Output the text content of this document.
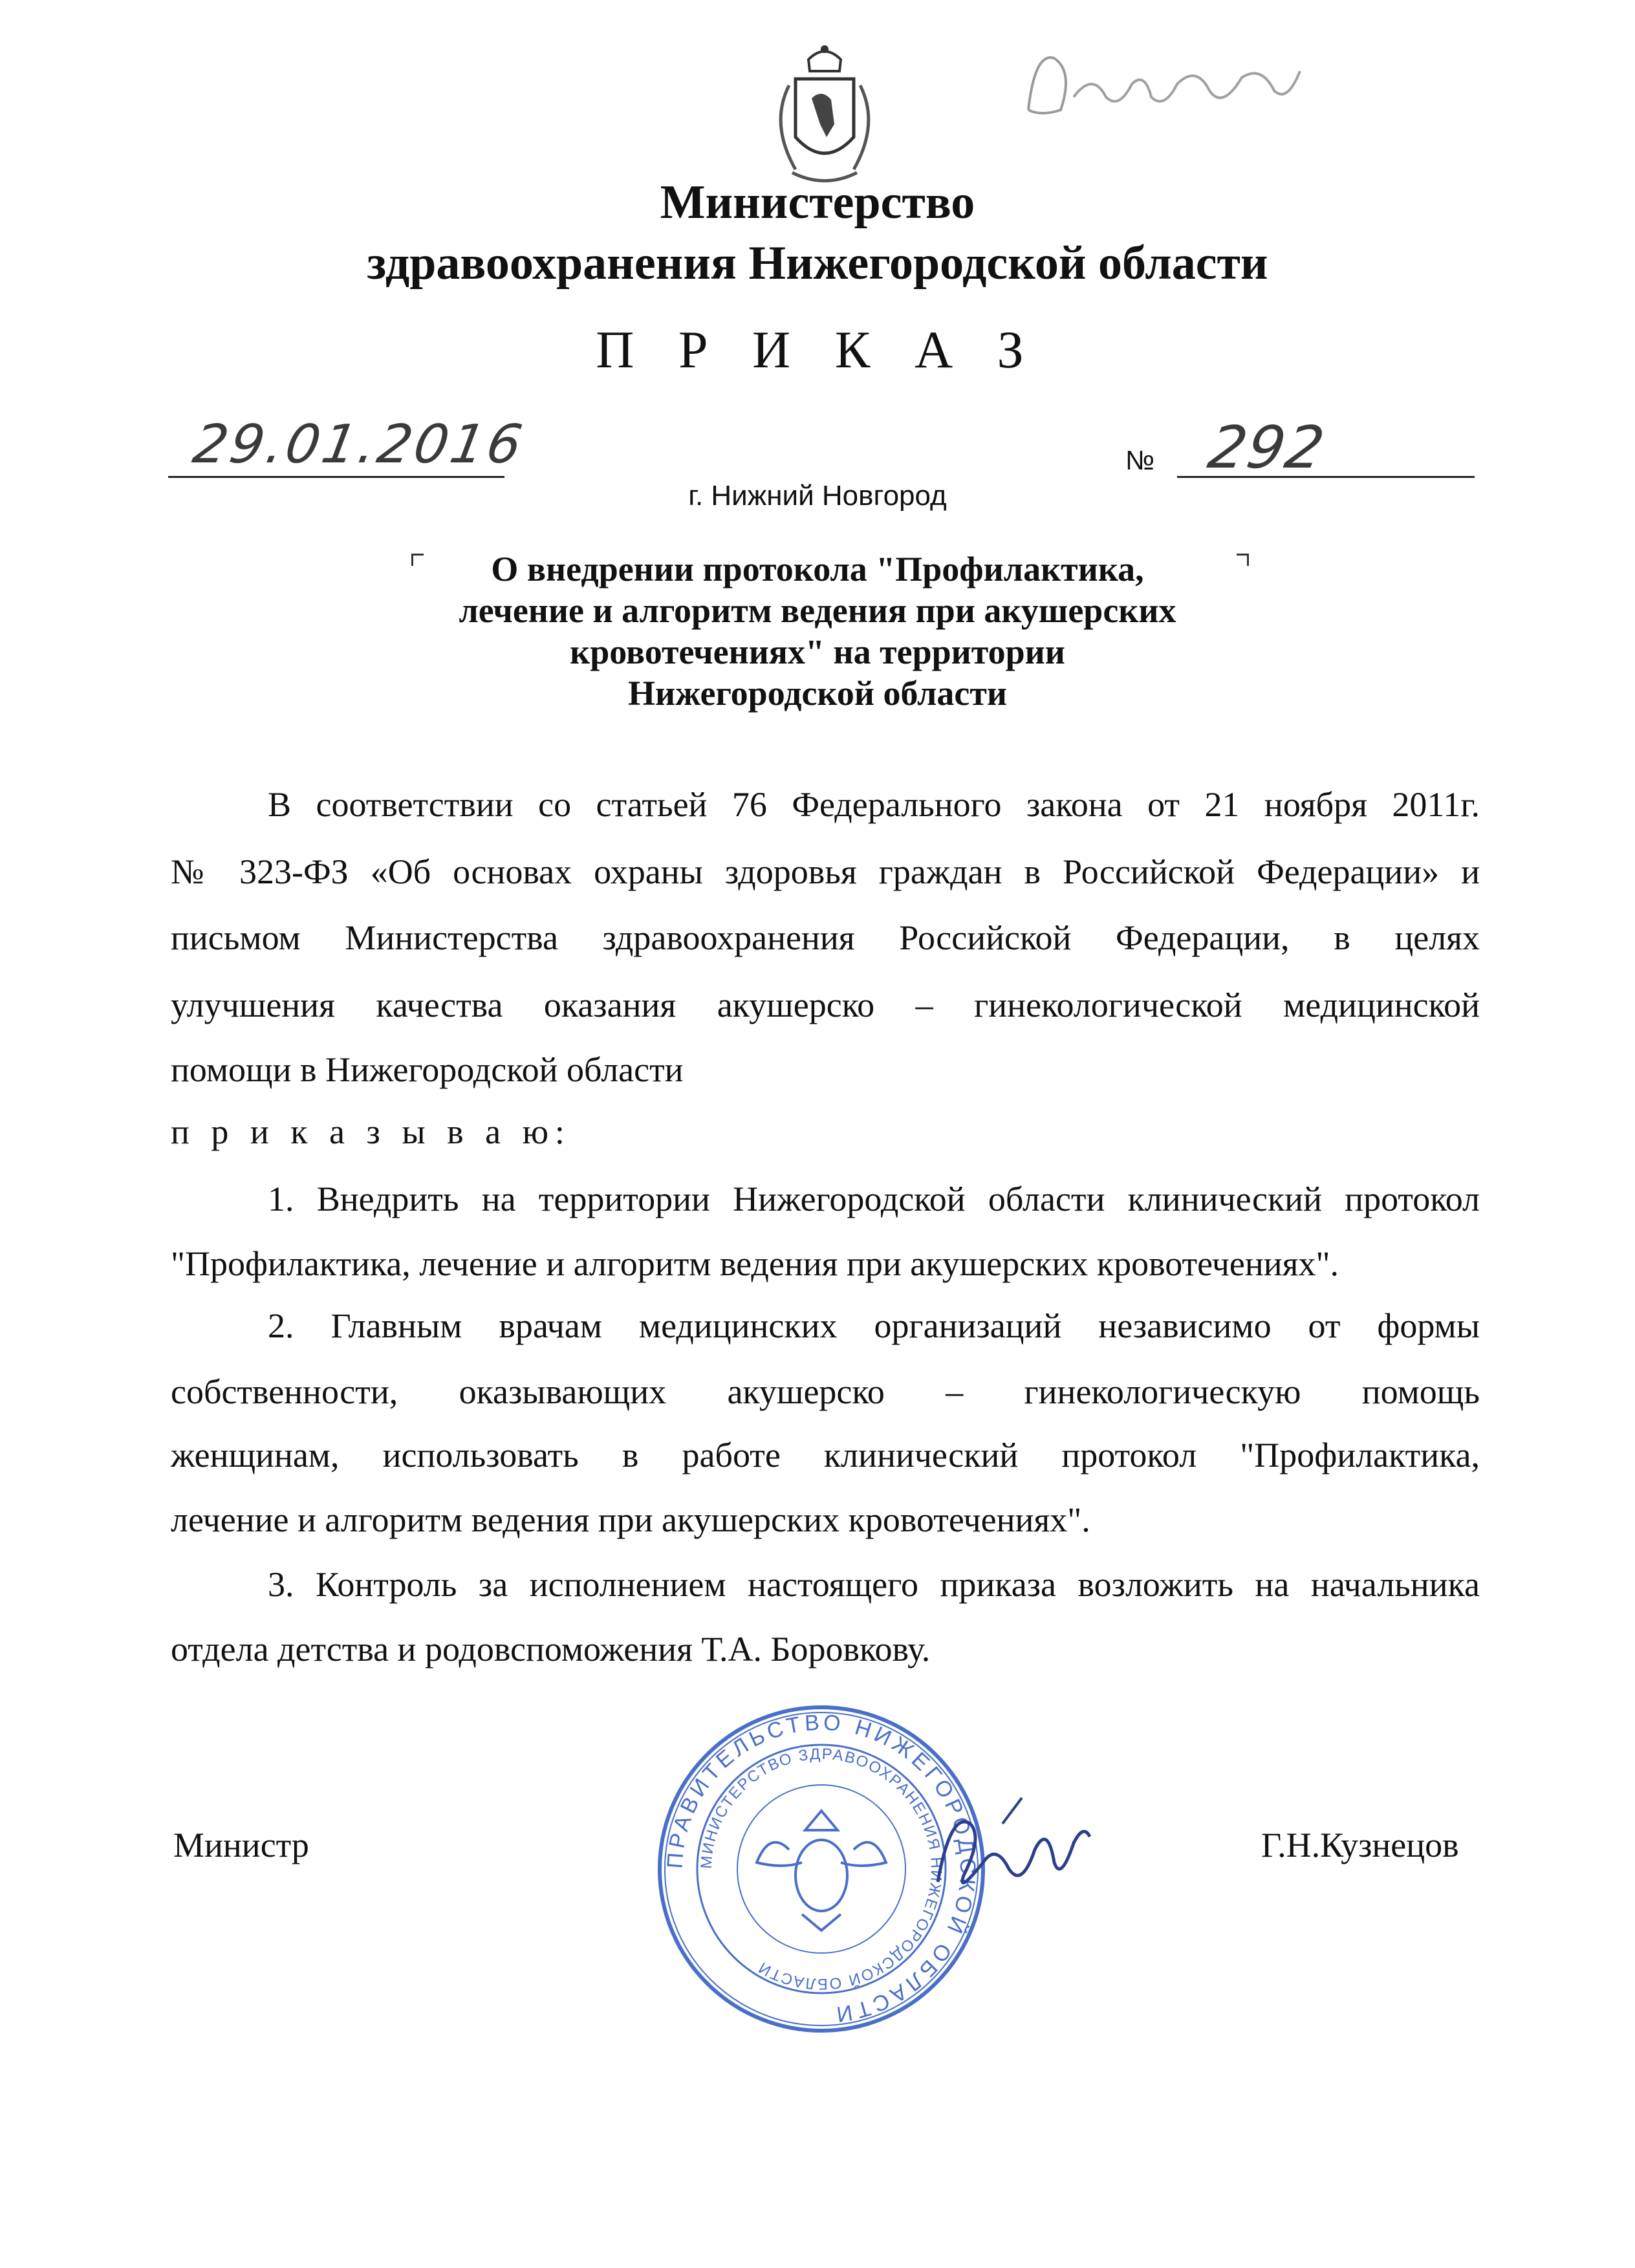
Министерство
здравоохранения Нижегородской области
П Р И К А З
29.01.2016	№ 292
г. Нижний Новгород
О внедрении протокола "Профилактика,
лечение и алгоритм ведения при акушерских
кровотечениях" на территории
Нижегородской области
В соответствии со статьей 76 Федерального закона от 21 ноября 2011г.
№ 323-ФЗ «Об основах охраны здоровья граждан в Российской Федерации» и
письмом Министерства здравоохранения Российской Федерации, в целях
улучшения качества оказания акушерско – гинекологической медицинской
помощи в Нижегородской области
п р и к а з ы в а ю:
1. Внедрить на территории Нижегородской области клинический протокол
"Профилактика, лечение и алгоритм ведения при акушерских кровотечениях".
2. Главным врачам медицинских организаций независимо от формы
собственности, оказывающих акушерско – гинекологическую помощь
женщинам, использовать в работе клинический протокол "Профилактика,
лечение и алгоритм ведения при акушерских кровотечениях".
3. Контроль за исполнением настоящего приказа возложить на начальника
отдела детства и родовспоможения Т.А. Боровкову.
ПРАВИТЕЛЬСТВО НИЖЕГОРОДСКОЙ ОБЛАСТИ
МИНИСТЕРСТВО ЗДРАВООХРАНЕНИЯ НИЖЕГОРОДСКОЙ ОБЛАСТИ
Министр	Г.Н.Кузнецов
